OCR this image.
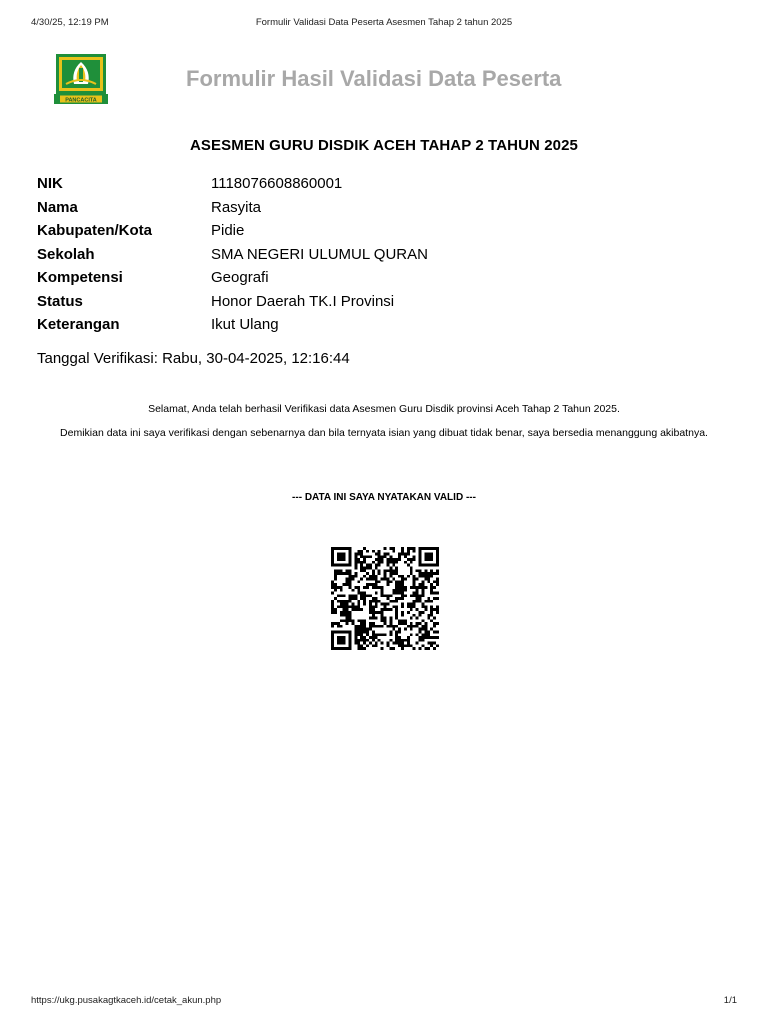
4/30/25, 12:19 PM	Formulir Validasi Data Peserta Asesmen Tahap 2 tahun 2025
PANCACITA
Formulir Hasil Validasi Data Peserta
ASESMEN GURU DISDIK ACEH TAHAP 2 TAHUN 2025
NIK	1118076608860001
Nama	Rasyita
Kabupaten/Kota	Pidie
Sekolah	SMA NEGERI ULUMUL QURAN
Kompetensi	Geografi
Status	Honor Daerah TK.I Provinsi
Keterangan	Ikut Ulang
Tanggal Verifikasi: Rabu, 30-04-2025, 12:16:44
Selamat, Anda telah berhasil Verifikasi data Asesmen Guru Disdik provinsi Aceh Tahap 2 Tahun 2025.
Demikian data ini saya verifikasi dengan sebenarnya dan bila ternyata isian yang dibuat tidak benar, saya bersedia menanggung akibatnya.
--- DATA INI SAYA NYATAKAN VALID ---
https://ukg.pusakagtkaceh.id/cetak_akun.php	1/1
